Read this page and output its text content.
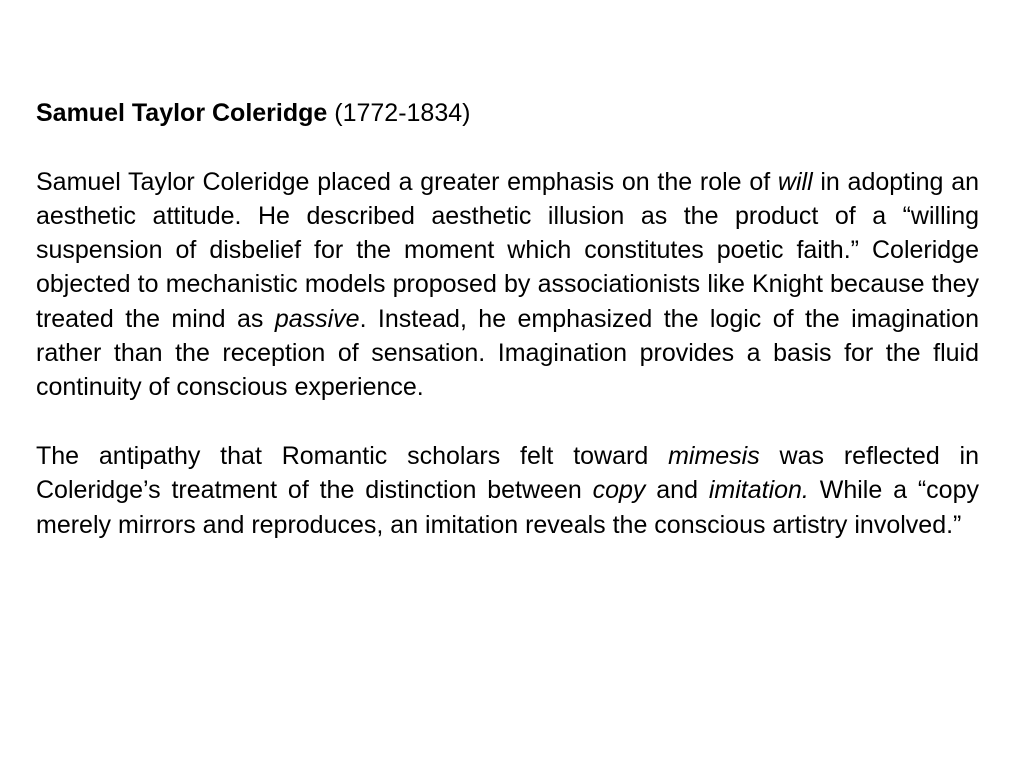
Samuel Taylor Coleridge (1772-1834)

Samuel Taylor Coleridge placed a greater emphasis on the role of will in adopting an aesthetic attitude. He described aesthetic illusion as the product of a “willing suspension of disbelief for the moment which constitutes poetic faith.” Coleridge objected to mechanistic models proposed by associationists like Knight because they treated the mind as passive. Instead, he emphasized the logic of the imagination rather than the reception of sensation. Imagination provides a basis for the fluid continuity of conscious experience.

The antipathy that Romantic scholars felt toward mimesis was reflected in Coleridge’s treatment of the distinction between copy and imitation. While a “copy merely mirrors and reproduces, an imitation reveals the conscious artistry involved.”
